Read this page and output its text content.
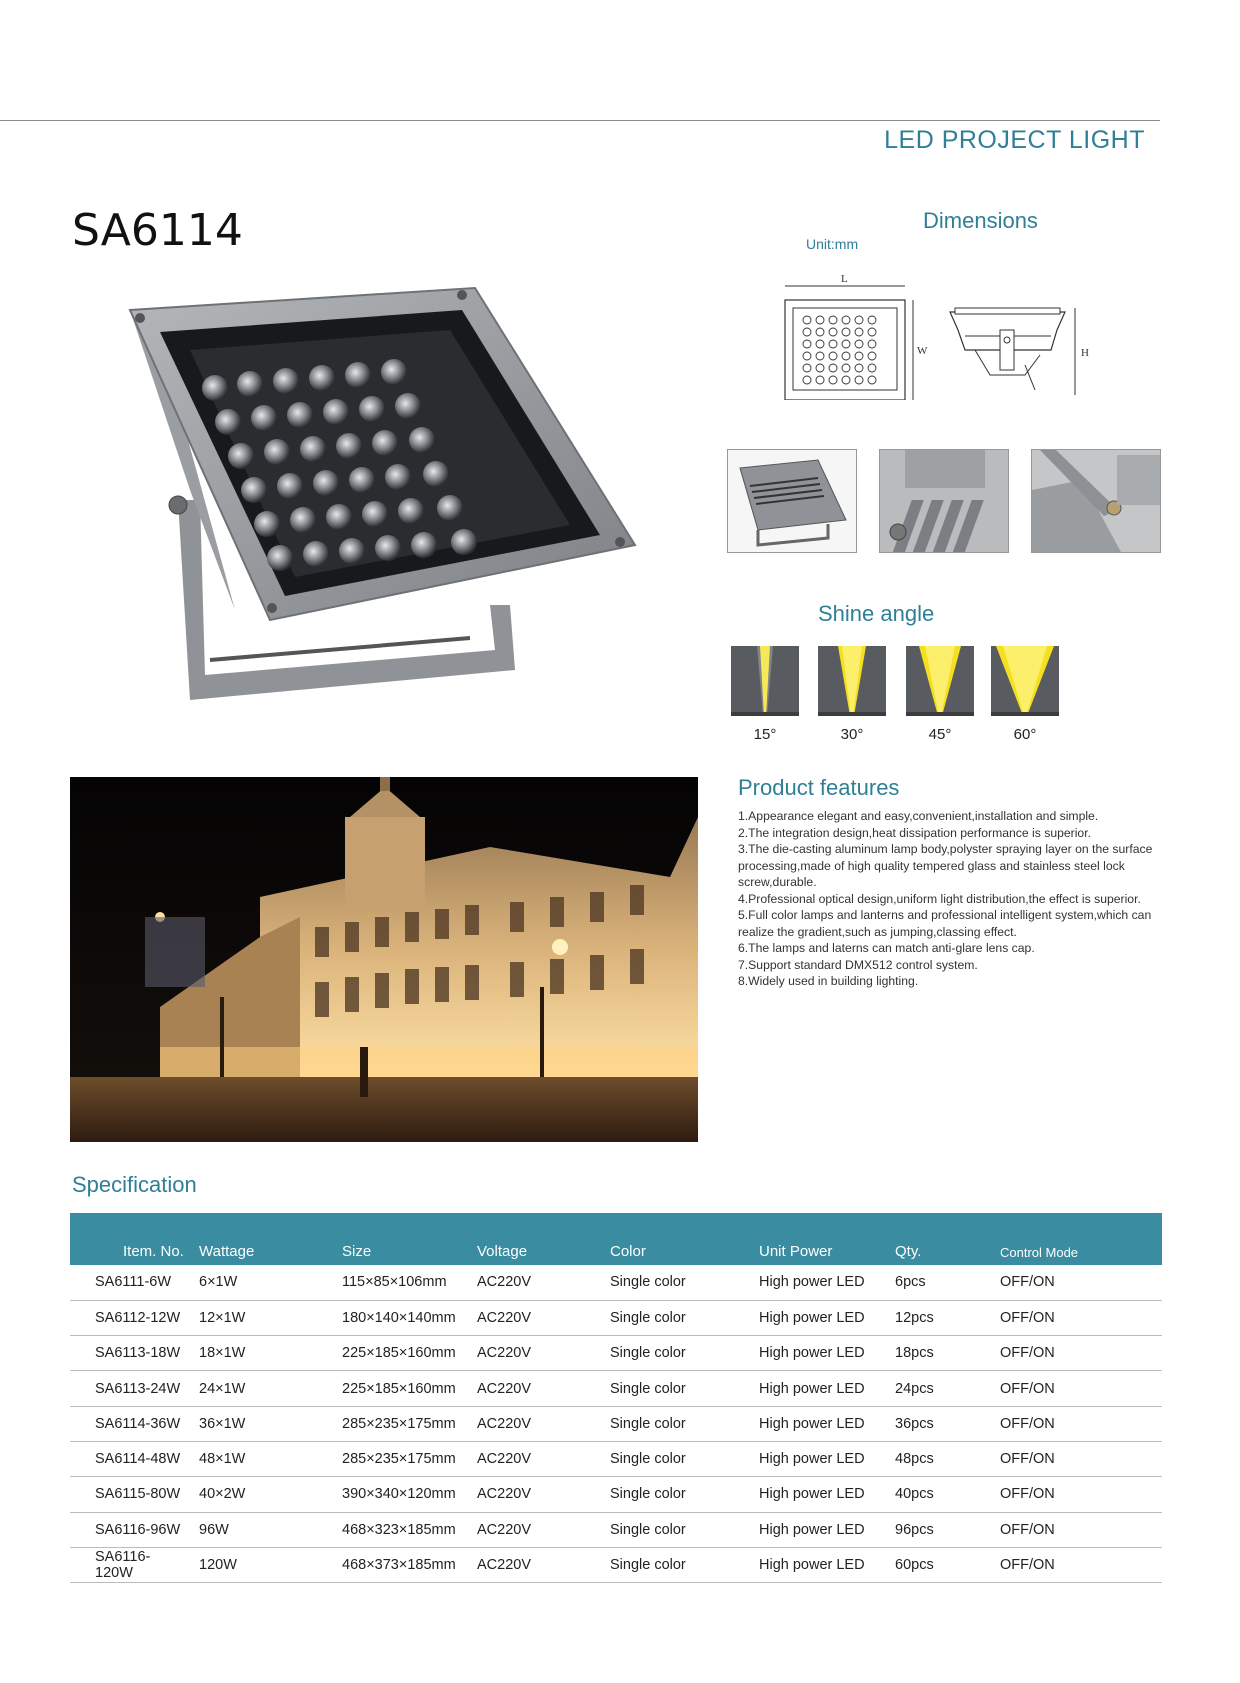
LED PROJECT LIGHT
SA6114	Dimensions
Unit:mm
L
W	H
Shine angle
15°	30°	45°	60°
Product features
1.Appearance elegant and easy,convenient,installation and simple.
2.The integration design,heat dissipation performance is superior.
3.The die-casting aluminum lamp body,polyster spraying layer on the surface processing,made of high quality tempered glass and stainless steel lock screw,durable.
4.Professional optical design,uniform light distribution,the effect is superior.
5.Full color lamps and lanterns and professional intelligent system,which can realize the gradient,such as jumping,classing effect.
6.The lamps and laterns can match anti-glare lens cap.
7.Support standard DMX512 control system.
8.Widely used in building lighting.
Specification
Item. No.	Wattage	Size	Voltage	Color	Unit Power	Qty.	Control Mode
SA6111-6W	6×1W	115×85×106mm	AC220V	Single color	High power LED	6pcs	OFF/ON
SA6112-12W	12×1W	180×140×140mm	AC220V	Single color	High power LED	12pcs	OFF/ON
SA6113-18W	18×1W	225×185×160mm	AC220V	Single color	High power LED	18pcs	OFF/ON
SA6113-24W	24×1W	225×185×160mm	AC220V	Single color	High power LED	24pcs	OFF/ON
SA6114-36W	36×1W	285×235×175mm	AC220V	Single color	High power LED	36pcs	OFF/ON
SA6114-48W	48×1W	285×235×175mm	AC220V	Single color	High power LED	48pcs	OFF/ON
SA6115-80W	40×2W	390×340×120mm	AC220V	Single color	High power LED	40pcs	OFF/ON
SA6116-96W	96W	468×323×185mm	AC220V	Single color	High power LED	96pcs	OFF/ON
SA6116-120W	120W	468×373×185mm	AC220V	Single color	High power LED	60pcs	OFF/ON
